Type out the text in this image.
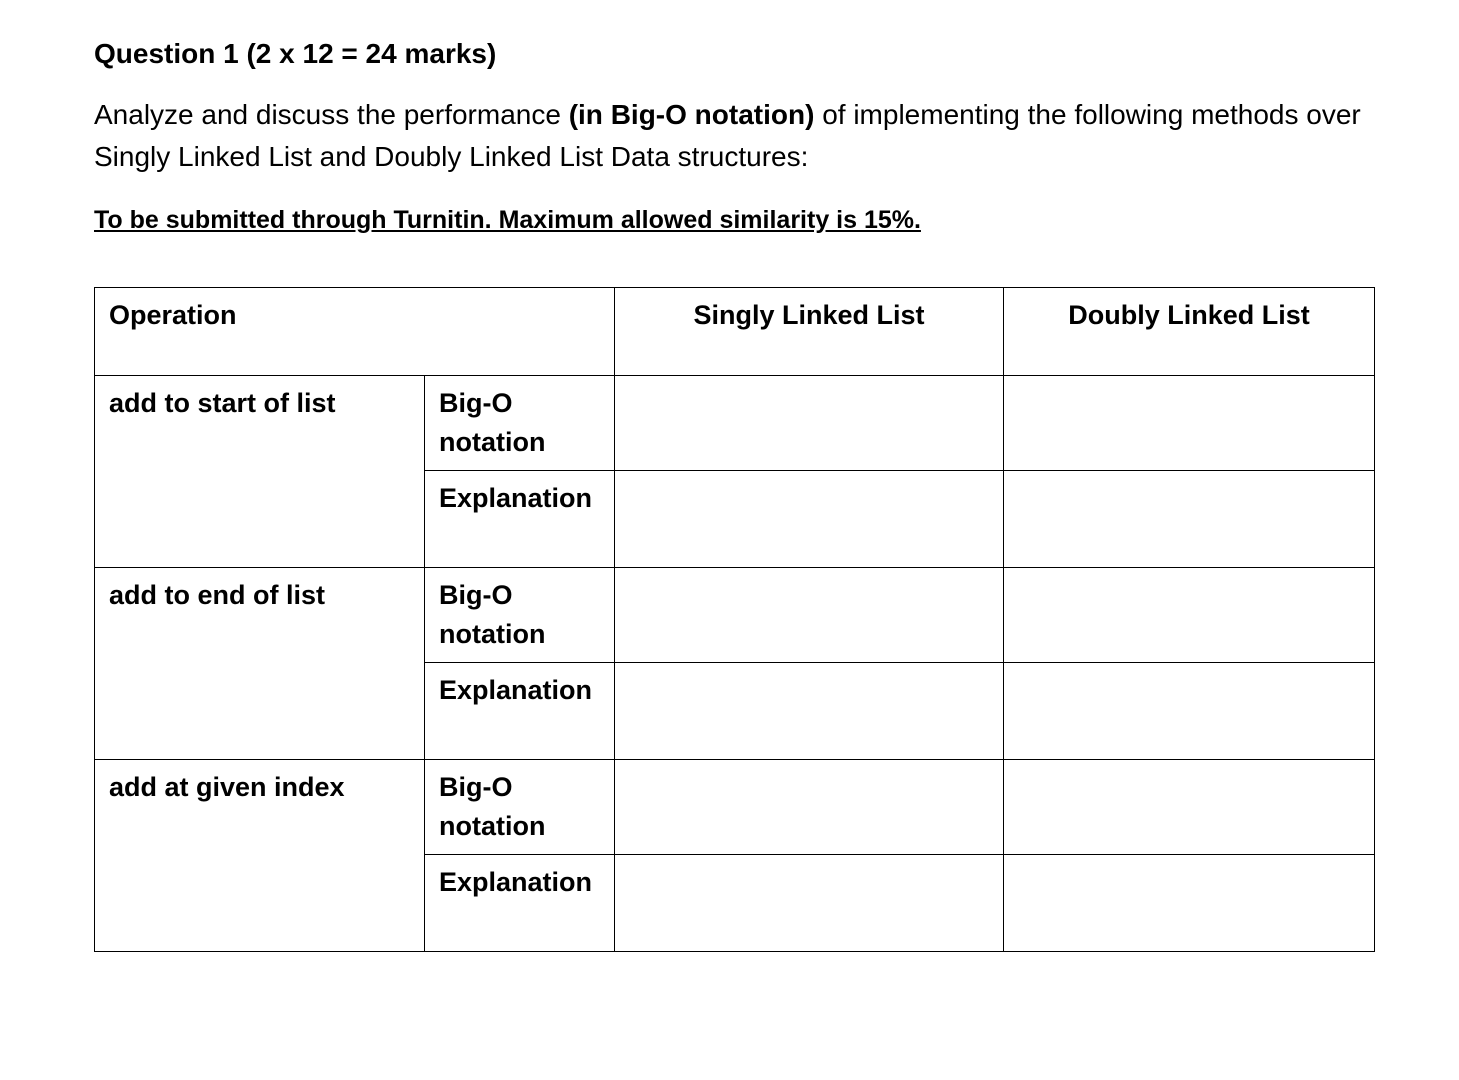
Question 1 (2 x 12 = 24 marks)

Analyze and discuss the performance (in Big-O notation) of implementing the following methods over Singly Linked List and Doubly Linked List Data structures:

To be submitted through Turnitin. Maximum allowed similarity is 15%.

Operation		Singly Linked List	Doubly Linked List
add to start of list	Big-O notation		
	Explanation		
add to end of list	Big-O notation		
	Explanation		
add at given index	Big-O notation		
	Explanation		
